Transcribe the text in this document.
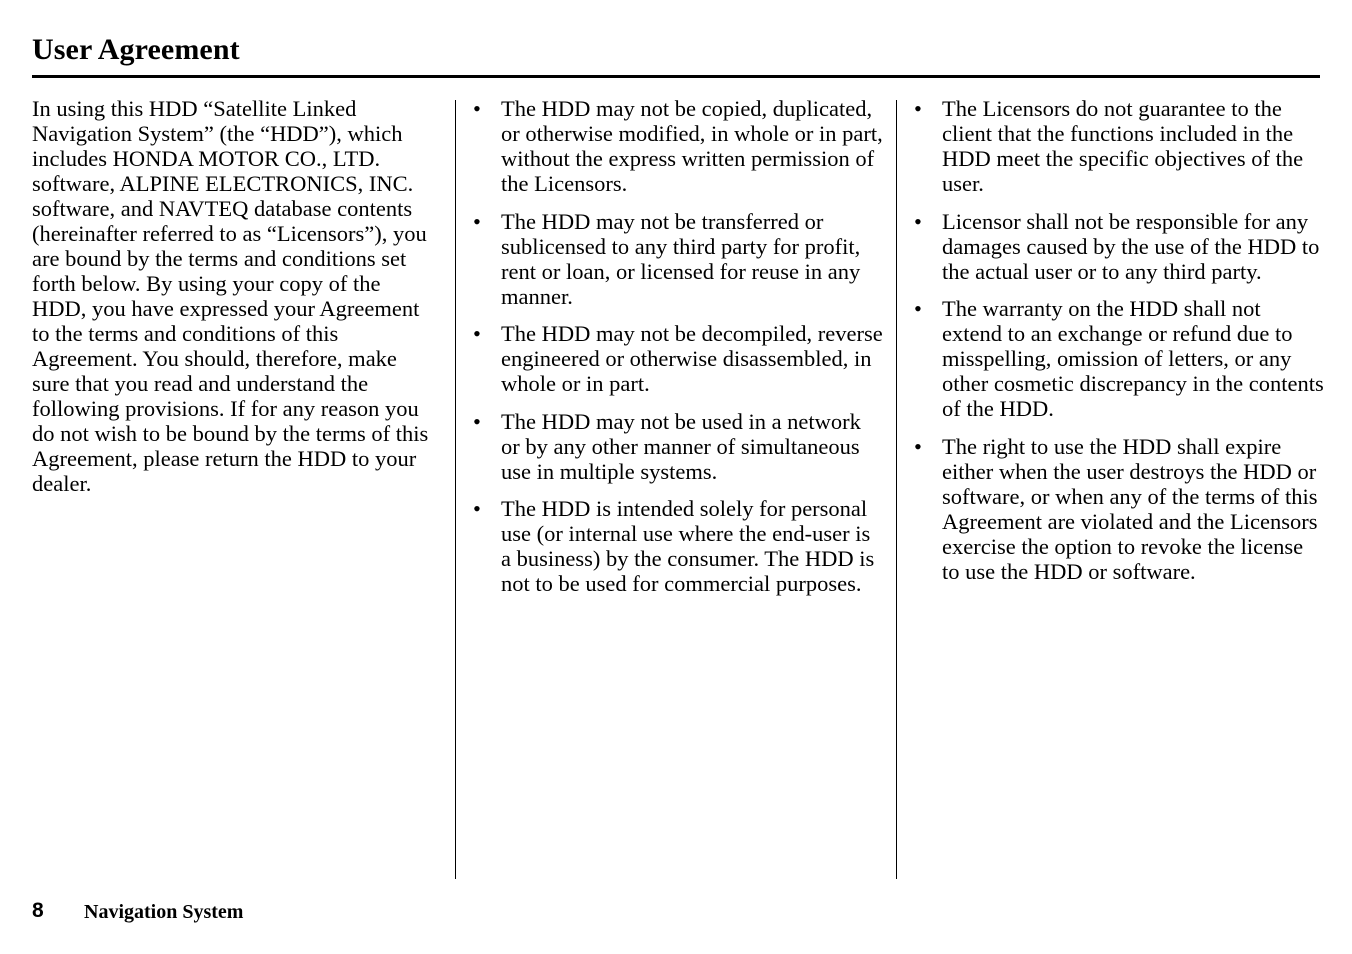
User Agreement

In using this HDD “Satellite Linked Navigation System” (the “HDD”), which includes HONDA MOTOR CO., LTD. software, ALPINE ELECTRONICS, INC. software, and NAVTEQ database contents (hereinafter referred to as “Licensors”), you are bound by the terms and conditions set forth below. By using your copy of the HDD, you have expressed your Agreement to the terms and conditions of this Agreement. You should, therefore, make sure that you read and understand the following provisions. If for any reason you do not wish to be bound by the terms of this Agreement, please return the HDD to your dealer.

• The HDD may not be copied, duplicated, or otherwise modified, in whole or in part, without the express written permission of the Licensors.
• The HDD may not be transferred or sublicensed to any third party for profit, rent or loan, or licensed for reuse in any manner.
• The HDD may not be decompiled, reverse engineered or otherwise disassembled, in whole or in part.
• The HDD may not be used in a network or by any other manner of simultaneous use in multiple systems.
• The HDD is intended solely for personal use (or internal use where the end-user is a business) by the consumer. The HDD is not to be used for commercial purposes.
• The Licensors do not guarantee to the client that the functions included in the HDD meet the specific objectives of the user.
• Licensor shall not be responsible for any damages caused by the use of the HDD to the actual user or to any third party.
• The warranty on the HDD shall not extend to an exchange or refund due to misspelling, omission of letters, or any other cosmetic discrepancy in the contents of the HDD.
• The right to use the HDD shall expire either when the user destroys the HDD or software, or when any of the terms of this Agreement are violated and the Licensors exercise the option to revoke the license to use the HDD or software.
8 Navigation System
